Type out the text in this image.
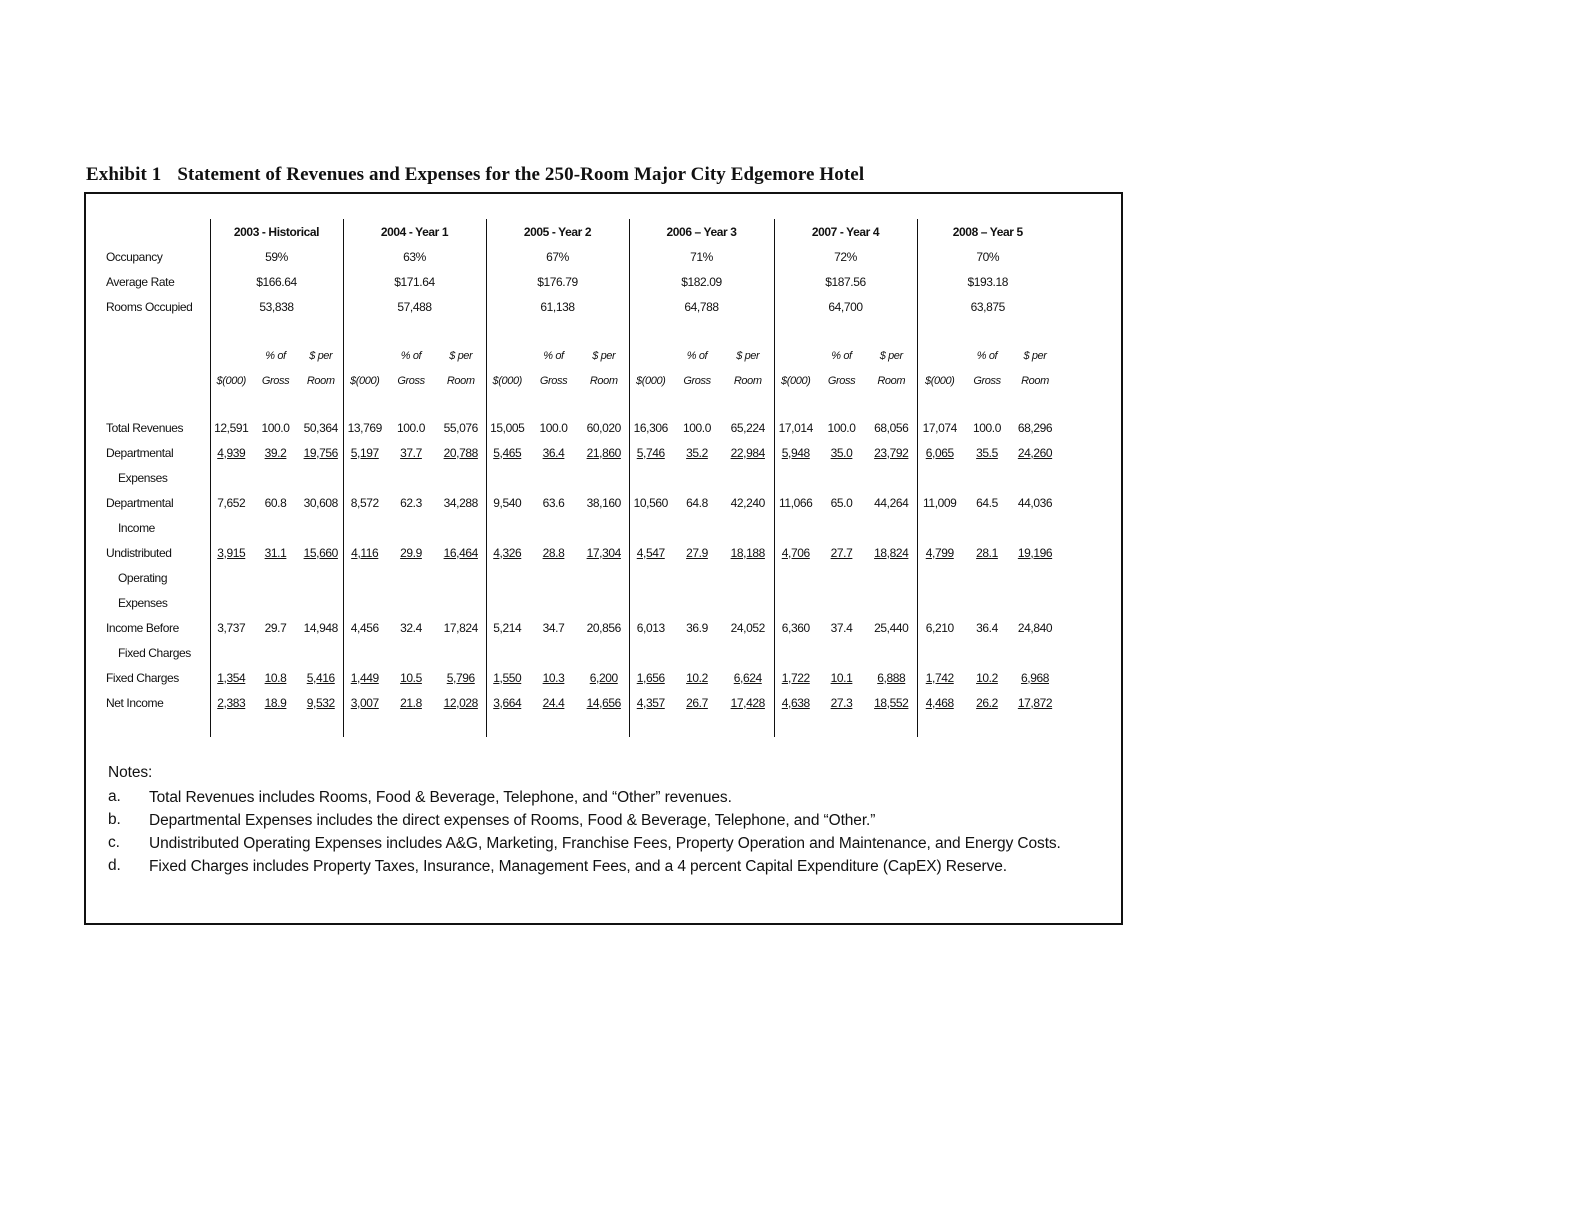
Exhibit 1 Statement of Revenues and Expenses for the 250-Room Major City Edgemore Hotel
	2003 - Historical			2004 - Year 1			2005 - Year 2			2006 – Year 3			2007 - Year 4			2008 – Year 5		
Occupancy	59%			63%			67%			71%			72%			70%		
Average Rate	$166.64			$171.64			$176.79			$182.09			$187.56			$193.18		
Rooms Occupied	53,838			57,488			61,138			64,788			64,700			63,875		

		% of	$ per		% of	$ per		% of	$ per		% of	$ per		% of	$ per		% of	$ per
	$(000)	Gross	Room	$(000)	Gross	Room	$(000)	Gross	Room	$(000)	Gross	Room	$(000)	Gross	Room	$(000)	Gross	Room

Total Revenues	12,591	100.0	50,364	13,769	100.0	55,076	15,005	100.0	60,020	16,306	100.0	65,224	17,014	100.0	68,056	17,074	100.0	68,296
Departmental	4,939	39.2	19,756	5,197	37.7	20,788	5,465	36.4	21,860	5,746	35.2	22,984	5,948	35.0	23,792	6,065	35.5	24,260
Expenses																		
Departmental	7,652	60.8	30,608	8,572	62.3	34,288	9,540	63.6	38,160	10,560	64.8	42,240	11,066	65.0	44,264	11,009	64.5	44,036
Income																		
Undistributed	3,915	31.1	15,660	4,116	29.9	16,464	4,326	28.8	17,304	4,547	27.9	18,188	4,706	27.7	18,824	4,799	28.1	19,196
Operating																		
Expenses																		
Income Before	3,737	29.7	14,948	4,456	32.4	17,824	5,214	34.7	20,856	6,013	36.9	24,052	6,360	37.4	25,440	6,210	36.4	24,840
Fixed Charges																		
Fixed Charges	1,354	10.8	5,416	1,449	10.5	5,796	1,550	10.3	6,200	1,656	10.2	6,624	1,722	10.1	6,888	1,742	10.2	6,968
Net Income	2,383	18.9	9,532	3,007	21.8	12,028	3,664	24.4	14,656	4,357	26.7	17,428	4,638	27.3	18,552	4,468	26.2	17,872

Notes:
a.	Total Revenues includes Rooms, Food & Beverage, Telephone, and “Other” revenues.
b.	Departmental Expenses includes the direct expenses of Rooms, Food & Beverage, Telephone, and “Other.”
c.	Undistributed Operating Expenses includes A&G, Marketing, Franchise Fees, Property Operation and Maintenance, and Energy Costs.
d.	Fixed Charges includes Property Taxes, Insurance, Management Fees, and a 4 percent Capital Expenditure (CapEX) Reserve.
